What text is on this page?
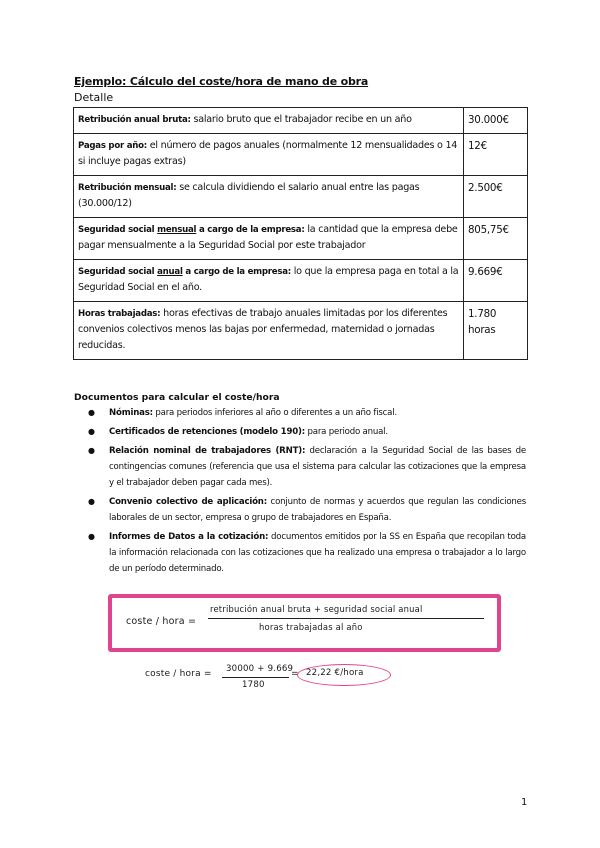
Ejemplo: Cálculo del coste/hora de mano de obra
Detalle
Retribución anual bruta: salario bruto que el trabajador recibe en un año	30.000€
Pagas por año: el número de pagos anuales (normalmente 12 mensualidades o 14 si incluye pagas extras)	12€
Retribución mensual: se calcula dividiendo el salario anual entre las pagas (30.000/12)	2.500€
Seguridad social mensual a cargo de la empresa: la cantidad que la empresa debe pagar mensualmente a la Seguridad Social por este trabajador	805,75€
Seguridad social anual a cargo de la empresa: lo que la empresa paga en total a la Seguridad Social en el año.	9.669€
Horas trabajadas: horas efectivas de trabajo anuales limitadas por los diferentes convenios colectivos menos las bajas por enfermedad, maternidad o jornadas reducidas.	1.780 horas
Documentos para calcular el coste/hora
● Nóminas: para periodos inferiores al año o diferentes a un año fiscal.
● Certificados de retenciones (modelo 190): para periodo anual.
● Relación nominal de trabajadores (RNT): declaración a la Seguridad Social de las bases de contingencias comunes (referencia que usa el sistema para calcular las cotizaciones que la empresa y el trabajador deben pagar cada mes).
● Convenio colectivo de aplicación: conjunto de normas y acuerdos que regulan las condiciones laborales de un sector, empresa o grupo de trabajadores en España.
● Informes de Datos a la cotización: documentos emitidos por la SS en España que recopilan toda la información relacionada con las cotizaciones que ha realizado una empresa o trabajador a lo largo de un período determinado.
coste / hora =
retribución anual bruta + seguridad social anual
horas trabajadas al año
coste / hora = 30000 + 9.669
1780
= 22,22 €/hora
1
